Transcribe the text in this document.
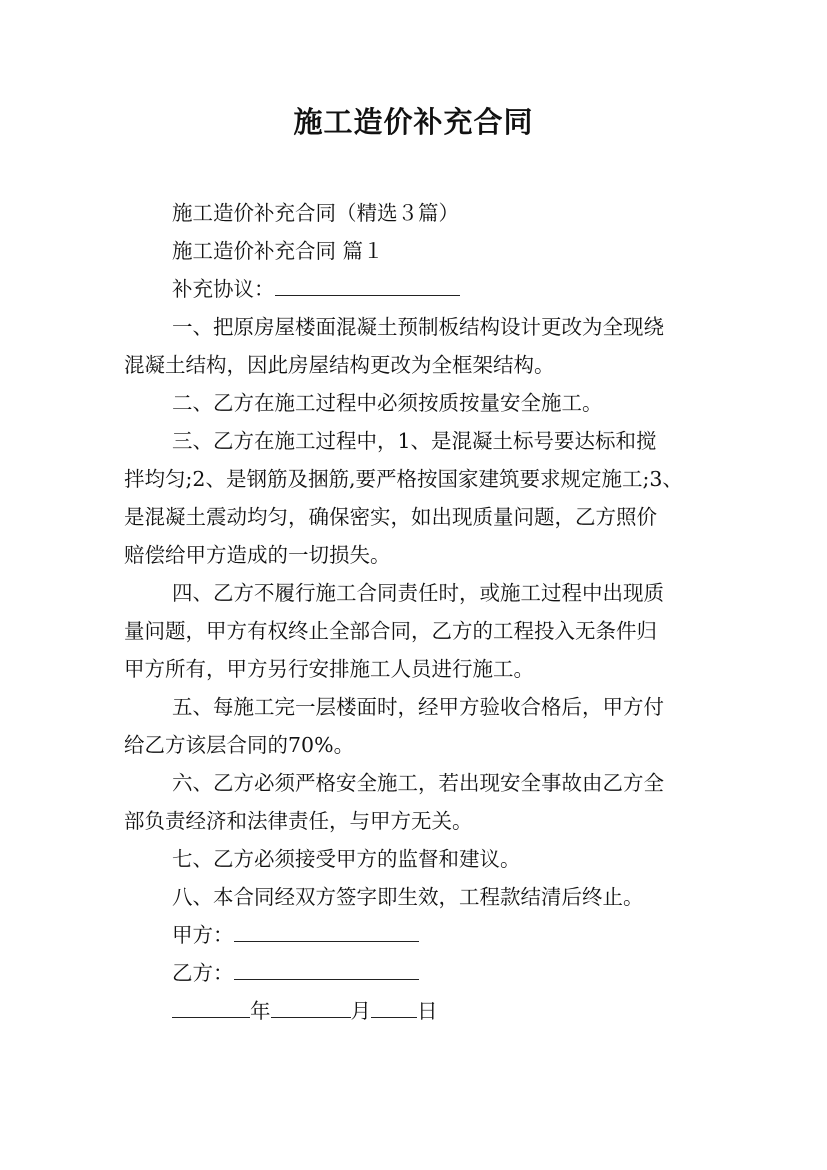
施工造价补充合同

施工造价补充合同（精选３篇）

施工造价补充合同 篇１

补充协议：

一、把原房屋楼面混凝土预制板结构设计更改为全现绕

混凝土结构，因此房屋结构更改为全框架结构。

二、乙方在施工过程中必须按质按量安全施工。

三、乙方在施工过程中，1、是混凝土标号要达标和搅

拌均匀;2、是钢筋及捆筋,要严格按国家建筑要求规定施工;3、

是混凝土震动均匀，确保密实，如出现质量问题，乙方照价

赔偿给甲方造成的一切损失。

四、乙方不履行施工合同责任时，或施工过程中出现质

量问题，甲方有权终止全部合同，乙方的工程投入无条件归

甲方所有，甲方另行安排施工人员进行施工。

五、每施工完一层楼面时，经甲方验收合格后，甲方付

给乙方该层合同的70%。

六、乙方必须严格安全施工，若出现安全事故由乙方全

部负责经济和法律责任，与甲方无关。

七、乙方必须接受甲方的监督和建议。

八、本合同经双方签字即生效，工程款结清后终止。

甲方：

乙方：

年	月 日
